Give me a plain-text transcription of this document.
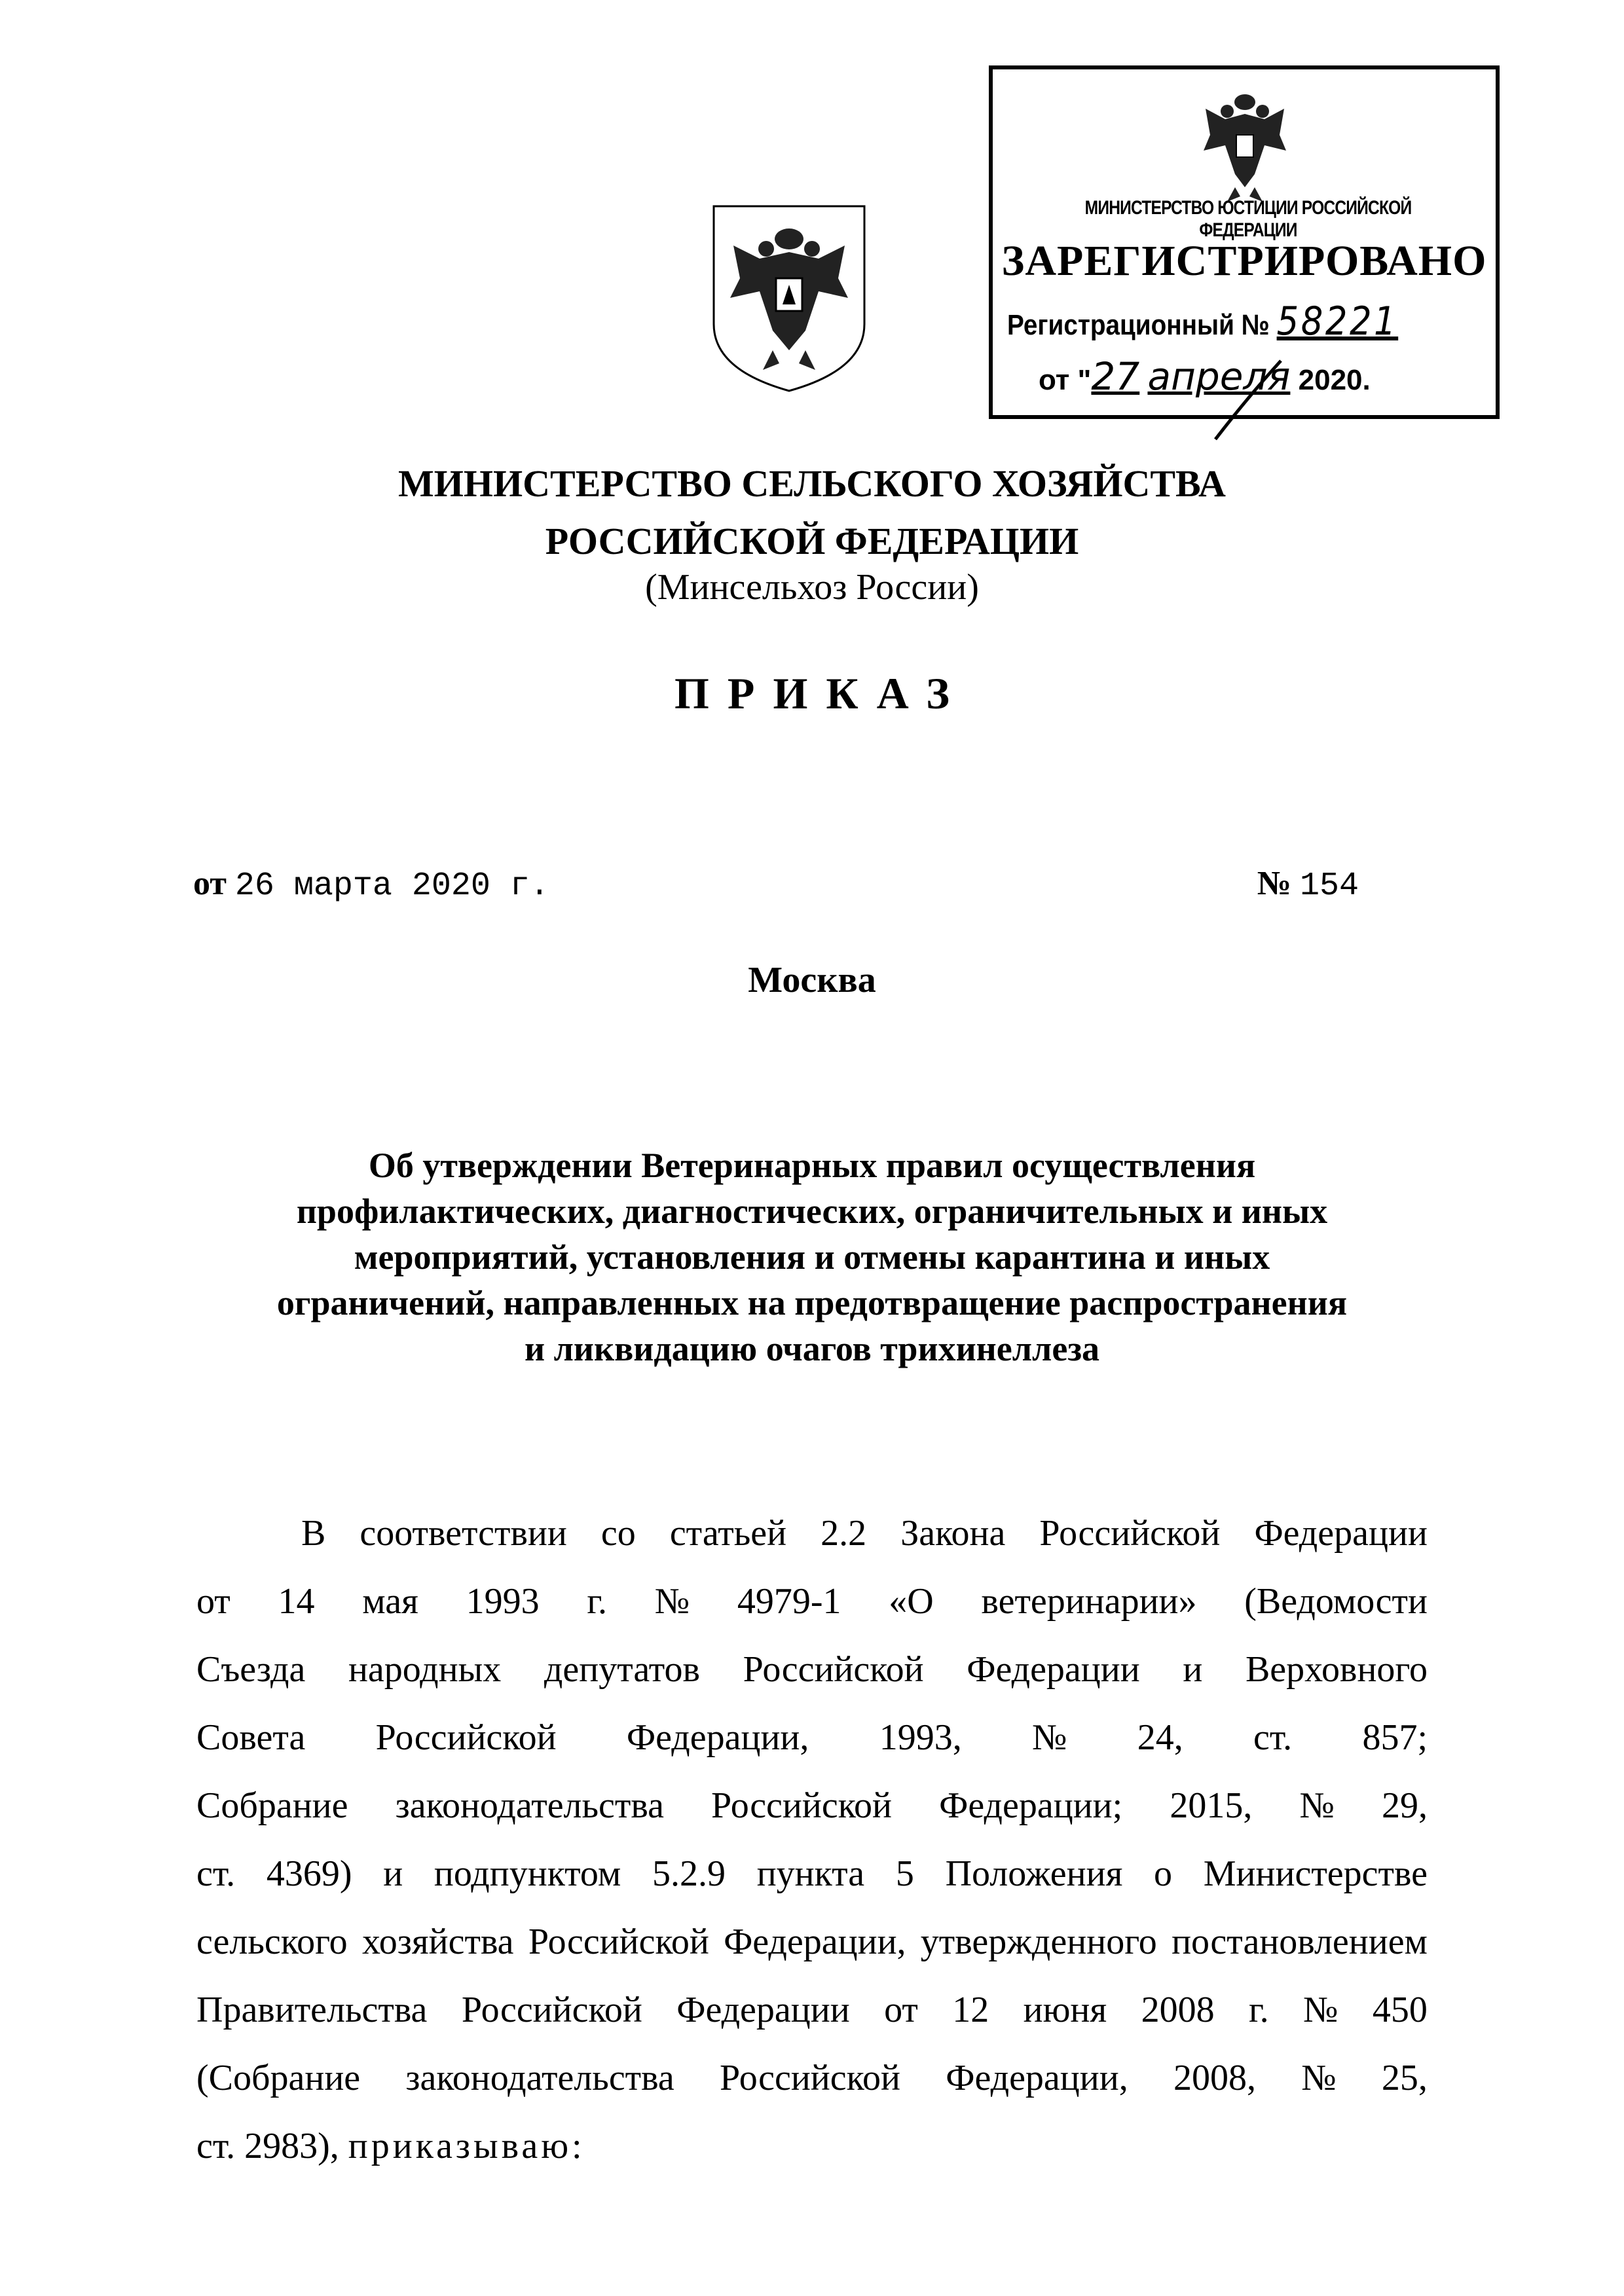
МИНИСТЕРСТВО ЮСТИЦИИ РОССИЙСКОЙ ФЕДЕРАЦИИ
ЗАРЕГИСТРИРОВАНО
Регистрационный № 58221
от "27 апреля 2020.
МИНИСТЕРСТВО СЕЛЬСКОГО ХОЗЯЙСТВА
РОССИЙСКОЙ ФЕДЕРАЦИИ
(Минсельхоз России)
ПРИКАЗ
от 26 марта 2020 г.	№ 154
Москва
Об утверждении Ветеринарных правил осуществления
профилактических, диагностических, ограничительных и иных
мероприятий, установления и отмены карантина и иных
ограничений, направленных на предотвращение распространения
и ликвидацию очагов трихинеллеза
В соответствии со статьей 2.2 Закона Российской Федерации
от 14 мая 1993 г. № 4979-1 «О ветеринарии» (Ведомости
Съезда народных депутатов Российской Федерации и Верховного
Совета Российской Федерации, 1993, № 24, ст. 857;
Собрание законодательства Российской Федерации; 2015, № 29,
ст. 4369) и подпунктом 5.2.9 пункта 5 Положения о Министерстве
сельского хозяйства Российской Федерации, утвержденного постановлением
Правительства Российской Федерации от 12 июня 2008 г. № 450
(Собрание законодательства Российской Федерации, 2008, № 25,
ст. 2983),
приказываю:
